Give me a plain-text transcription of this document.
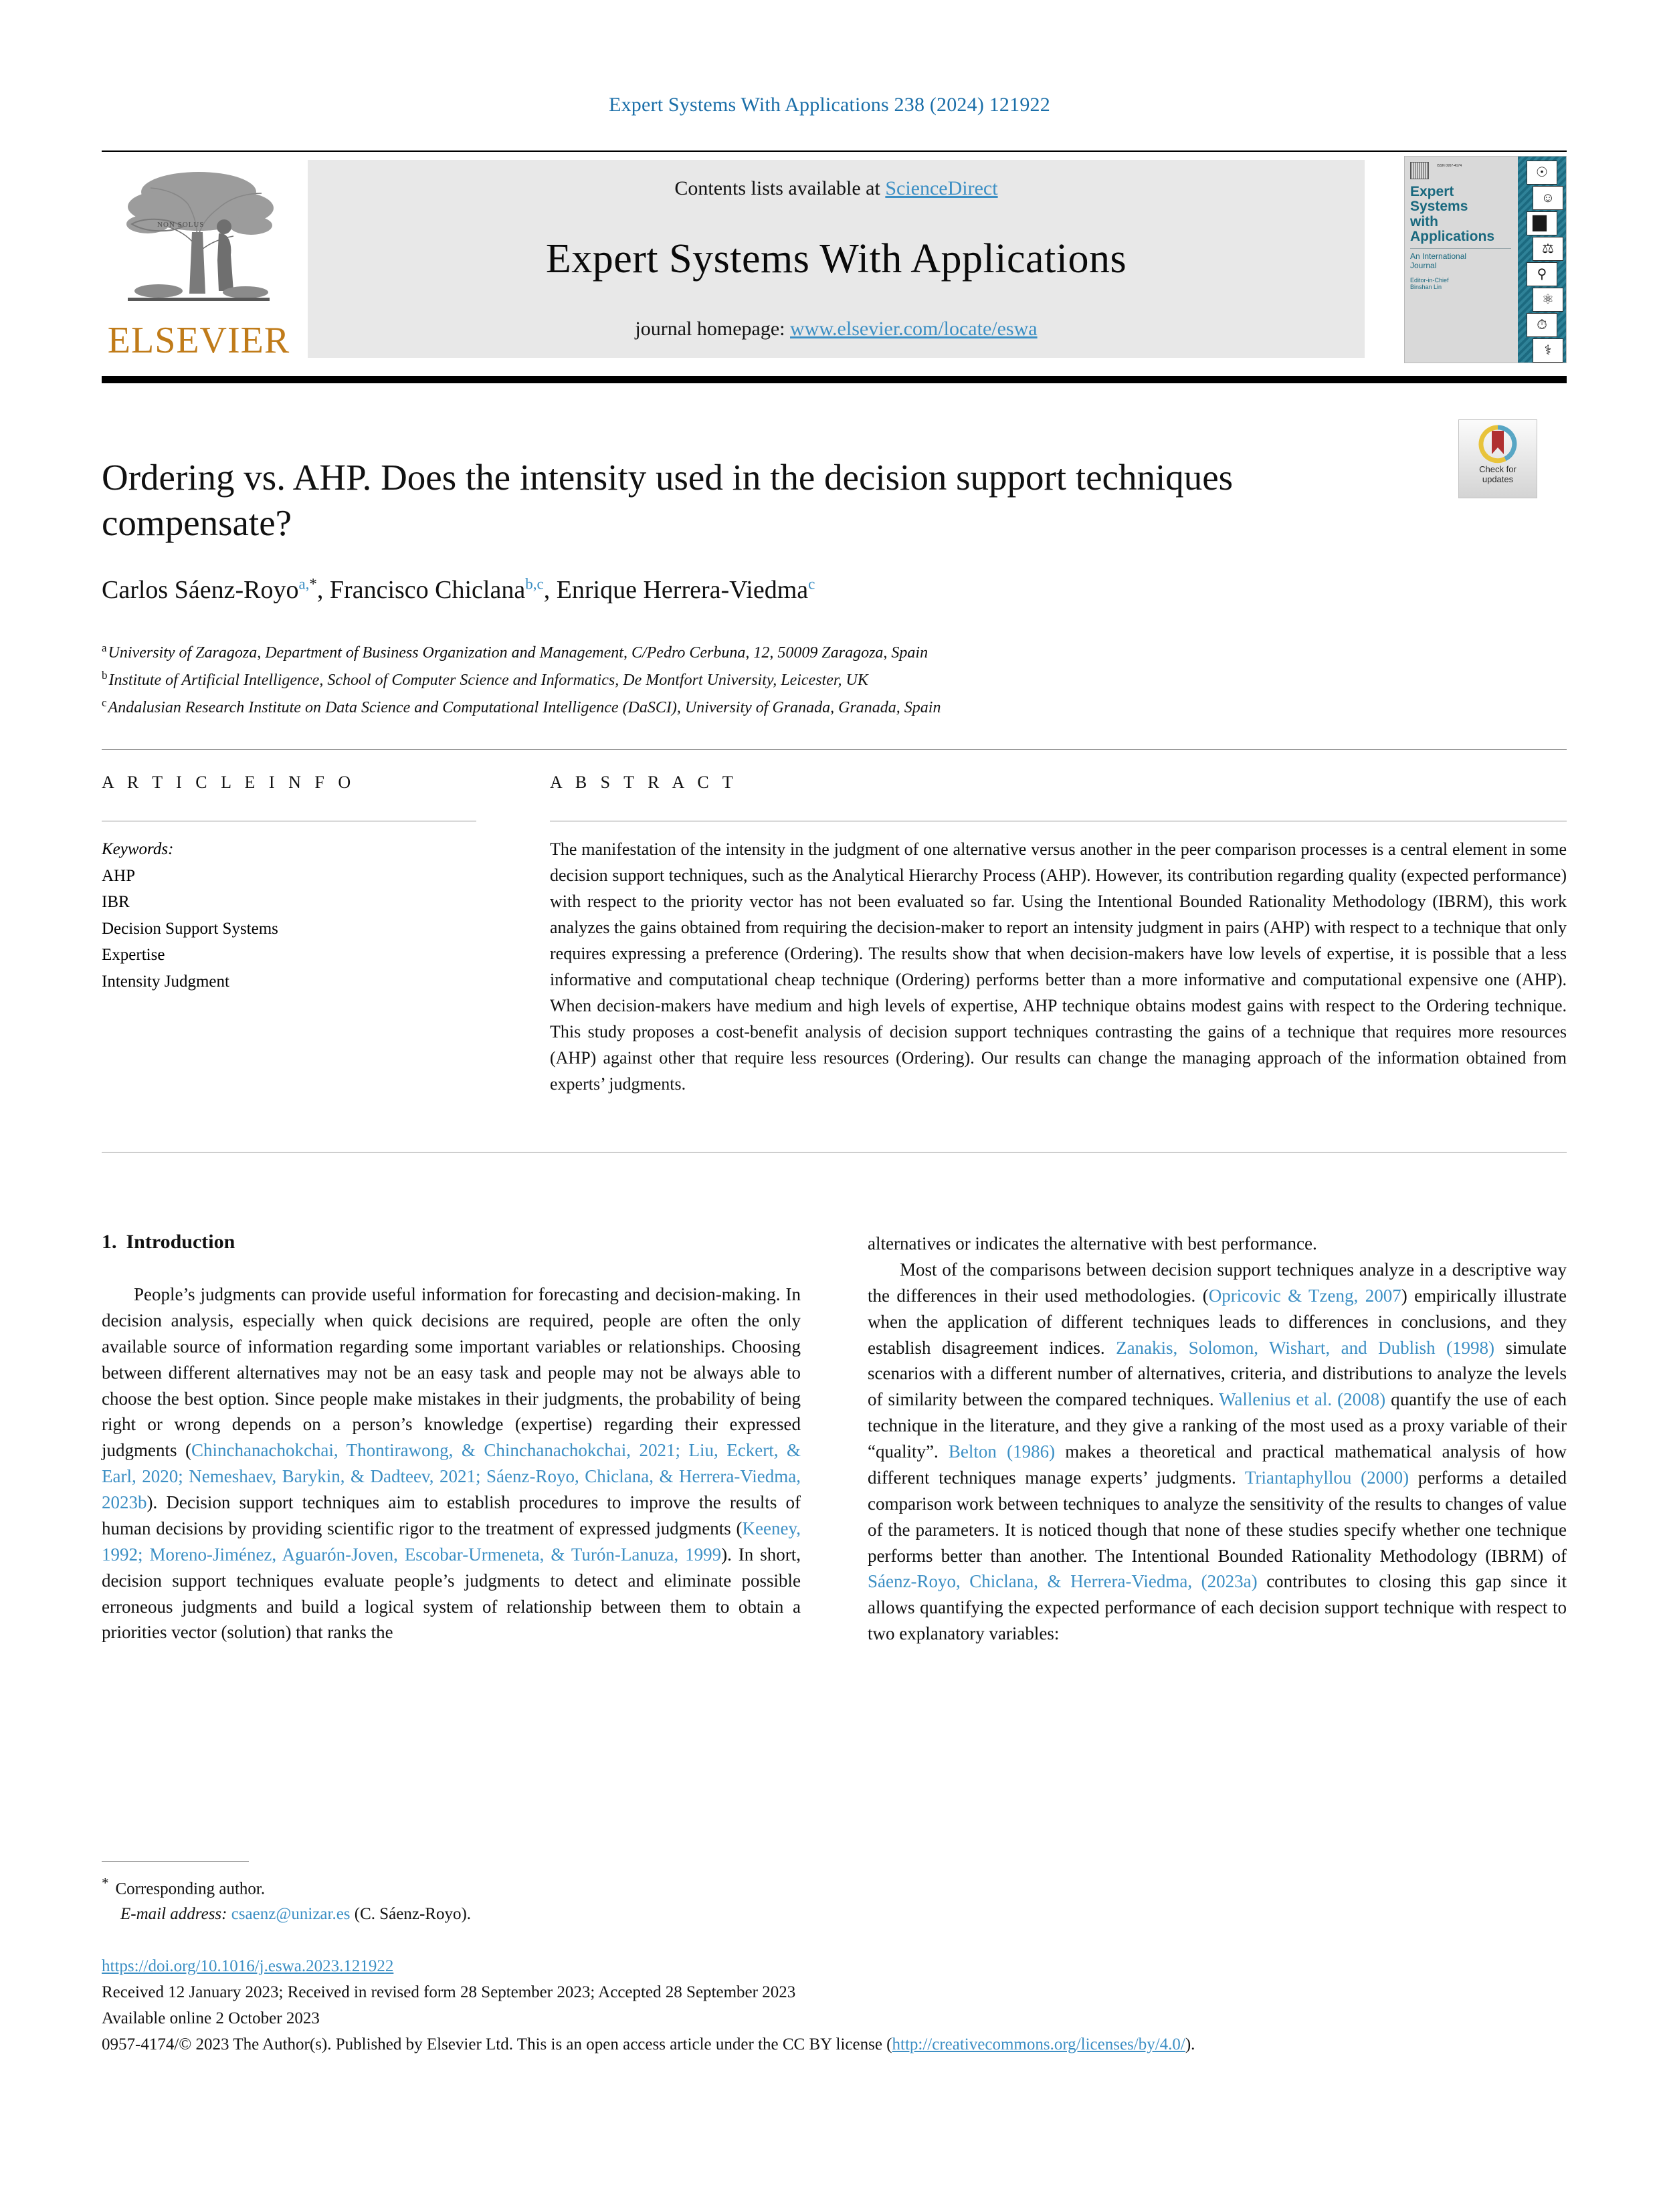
Expert Systems With Applications 238 (2024) 121922
NON SOLUS
ELSEVIER
Contents lists available at ScienceDirect
Expert Systems With Applications
journal homepage: www.elsevier.com/locate/eswa
ISSN 0957-4174
Expert
Systems
with
Applications
An International
Journal
Editor-in-Chief
Binshan Lin
☉
☺
█▌
⚖
⚲
⚛
⏱
⚕
Check for
updates
Ordering vs. AHP. Does the intensity used in the decision support techniques compensate?
Carlos Sáenz-Royo$^{a,*}$, Francisco Chiclana$^{b,c}$, Enrique Herrera-Viedma$^c$
$^a$University of Zaragoza, Department of Business Organization and Management, C/Pedro Cerbuna, 12, 50009 Zaragoza, Spain
$^b$Institute of Artificial Intelligence, School of Computer Science and Informatics, De Montfort University, Leicester, UK
$^c$Andalusian Research Institute on Data Science and Computational Intelligence (DaSCI), University of Granada, Granada, Spain
A R T I C L E I N F O
Keywords:
AHP
IBR
Decision Support Systems
Expertise
Intensity Judgment
A B S T R A C T
The manifestation of the intensity in the judgment of one alternative versus another in the peer comparison processes is a central element in some decision support techniques, such as the Analytical Hierarchy Process (AHP). However, its contribution regarding quality (expected performance) with respect to the priority vector has not been evaluated so far. Using the Intentional Bounded Rationality Methodology (IBRM), this work analyzes the gains obtained from requiring the decision-maker to report an intensity judgment in pairs (AHP) with respect to a technique that only requires expressing a preference (Ordering). The results show that when decision-makers have low levels of expertise, it is possible that a less informative and computational cheap technique (Ordering) performs better than a more informative and computational expensive one (AHP). When decision-makers have medium and high levels of expertise, AHP technique obtains modest gains with respect to the Ordering technique. This study proposes a cost-benefit analysis of decision support techniques contrasting the gains of a technique that requires more resources (AHP) against other that require less resources (Ordering). Our results can change the managing approach of the information obtained from experts’ judgments.
1. Introduction

People’s judgments can provide useful information for forecasting and decision-making. In decision analysis, especially when quick decisions are required, people are often the only available source of information regarding some important variables or relationships. Choosing between different alternatives may not be an easy task and people may not be always able to choose the best option. Since people make mistakes in their judgments, the probability of being right or wrong depends on a person’s knowledge (expertise) regarding their expressed judgments (Chinchanachokchai, Thontirawong, & Chinchanachokchai, 2021; Liu, Eckert, & Earl, 2020; Nemeshaev, Barykin, & Dadteev, 2021; Sáenz-Royo, Chiclana, & Herrera-Viedma, 2023b). Decision support techniques aim to establish procedures to improve the results of human decisions by providing scientific rigor to the treatment of expressed judgments (Keeney, 1992; Moreno-Jiménez, Aguarón-Joven, Escobar-Urmeneta, & Turón-Lanuza, 1999). In short, decision support techniques evaluate people’s judgments to detect and eliminate possible erroneous judgments and build a logical system of relationship between them to obtain a priorities vector (solution) that ranks the

alternatives or indicates the alternative with best performance.

Most of the comparisons between decision support techniques analyze in a descriptive way the differences in their used methodologies. (Opricovic & Tzeng, 2007) empirically illustrate when the application of different techniques leads to differences in conclusions, and they establish disagreement indices. Zanakis, Solomon, Wishart, and Dublish (1998) simulate scenarios with a different number of alternatives, criteria, and distributions to analyze the levels of similarity between the compared techniques. Wallenius et al. (2008) quantify the use of each technique in the literature, and they give a ranking of the most used as a proxy variable of their “quality”. Belton (1986) makes a theoretical and practical mathematical analysis of how different techniques manage experts’ judgments. Triantaphyllou (2000) performs a detailed comparison work between techniques to analyze the sensitivity of the results to changes of value of the parameters. It is noticed though that none of these studies specify whether one technique performs better than another. The Intentional Bounded Rationality Methodology (IBRM) of Sáenz-Royo, Chiclana, & Herrera-Viedma, (2023a) contributes to closing this gap since it allows quantifying the expected performance of each decision support technique with respect to two explanatory variables:

* Corresponding author.
E-mail address: csaenz@unizar.es (C. Sáenz-Royo).
https://doi.org/10.1016/j.eswa.2023.121922
Received 12 January 2023; Received in revised form 28 September 2023; Accepted 28 September 2023
Available online 2 October 2023
0957-4174/© 2023 The Author(s). Published by Elsevier Ltd. This is an open access article under the CC BY license (http://creativecommons.org/licenses/by/4.0/).
